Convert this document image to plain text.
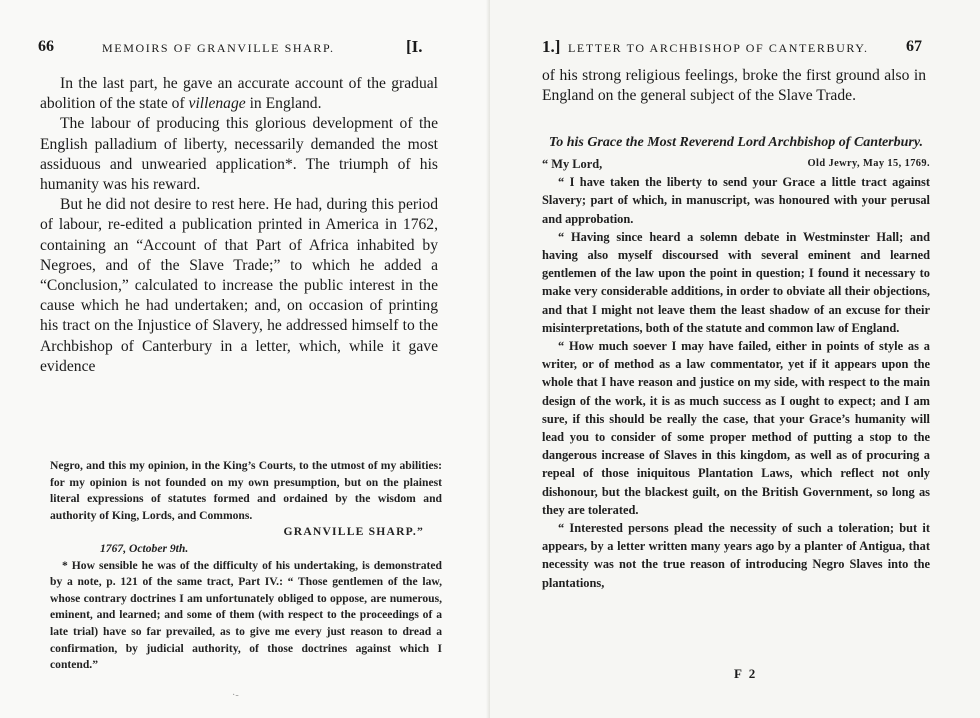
66	MEMOIRS OF GRANVILLE SHARP.	[I.

In the last part, he gave an accurate account of the gradual abolition of the state of villenage in England.

The labour of producing this glorious development of the English palladium of liberty, necessarily demanded the most assiduous and unwearied application*. The triumph of his humanity was his reward.

But he did not desire to rest here. He had, during this period of labour, re-edited a publication printed in America in 1762, containing an “Account of that Part of Africa inhabited by Negroes, and of the Slave Trade;” to which he added a “Conclusion,” calculated to increase the public interest in the cause which he had undertaken; and, on occasion of printing his tract on the Injustice of Slavery, he addressed himself to the Archbishop of Canterbury in a letter, which, while it gave evidence

Negro, and this my opinion, in the King’s Courts, to the utmost of my abilities: for my opinion is not founded on my own presumption, but on the plainest literal expressions of statutes formed and ordained by the wisdom and authority of King, Lords, and Commons.

GRANVILLE SHARP.”

1767, October 9th.

* How sensible he was of the difficulty of his undertaking, is demonstrated by a note, p. 121 of the same tract, Part IV.: “ Those gentlemen of the law, whose contrary doctrines I am unfortunately obliged to oppose, are numerous, eminent, and learned; and some of them (with respect to the proceedings of a late trial) have so far prevailed, as to give me every just reason to dread a confirmation, by judicial authority, of those doctrines against which I contend.”

·‐
1.] LETTER TO ARCHBISHOP OF CANTERBURY. 67

of his strong religious feelings, broke the first ground also in England on the general subject of the Slave Trade.

To his Grace the Most Reverend Lord Archbishop of Canterbury.

“ My Lord,	Old Jewry, May 15, 1769.

“ I have taken the liberty to send your Grace a little tract against Slavery; part of which, in manuscript, was honoured with your perusal and approbation.

“ Having since heard a solemn debate in Westminster Hall; and having also myself discoursed with several eminent and learned gentlemen of the law upon the point in question; I found it necessary to make very considerable additions, in order to obviate all their objections, and that I might not leave them the least shadow of an excuse for their misinterpretations, both of the statute and common law of England.

“ How much soever I may have failed, either in points of style as a writer, or of method as a law commentator, yet if it appears upon the whole that I have reason and justice on my side, with respect to the main design of the work, it is as much success as I ought to expect; and I am sure, if this should be really the case, that your Grace’s humanity will lead you to consider of some proper method of putting a stop to the dangerous increase of Slaves in this kingdom, as well as of procuring a repeal of those iniquitous Plantation Laws, which reflect not only dishonour, but the blackest guilt, on the British Government, so long as they are tolerated.

“ Interested persons plead the necessity of such a toleration; but it appears, by a letter written many years ago by a planter of Antigua, that necessity was not the true reason of introducing Negro Slaves into the plantations,

F 2
